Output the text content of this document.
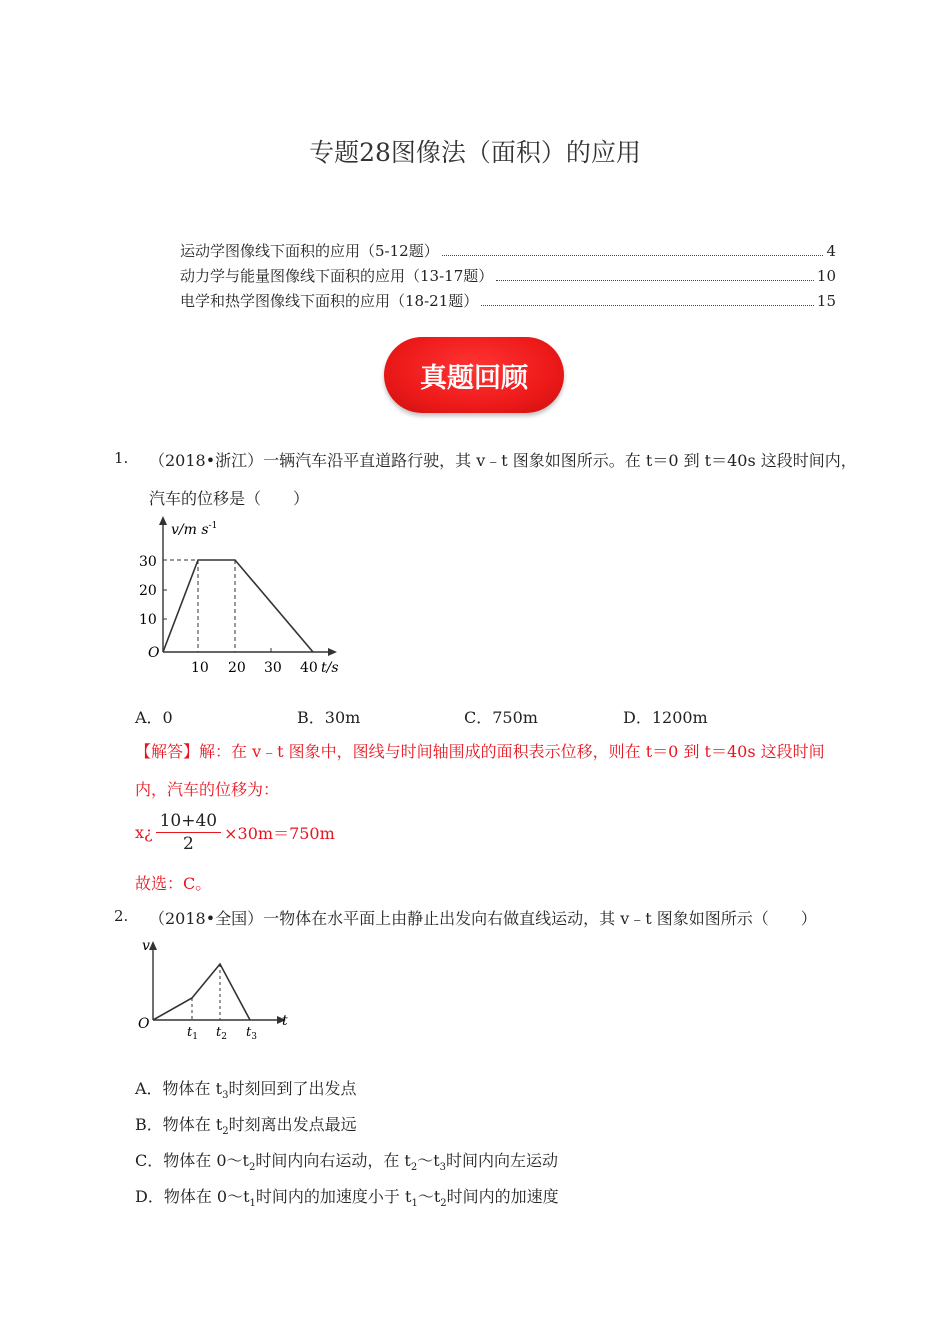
专题28图像法（面积）的应用
运动学图像线下面积的应用（5-12题）	4
动力学与能量图像线下面积的应用（13-17题）	10
电学和热学图像线下面积的应用（18-21题）	15
真题回顾
1. （2018•浙江）一辆汽车沿平直道路行驶，其 v﹣t 图象如图所示。在 t＝0 到 t＝40s 这段时间内，
汽车的位移是（　　）
v/m $s^{-1}$
30
20
10
O
10 20 30 40 t/s
A．0	B．30m	C．750m	D．1200m
【解答】解：在 v﹣t 图象中，图线与时间轴围成的面积表示位移，则在 t＝0 到 t＝40s 这段时间
内，汽车的位移为：
x¿ $\frac{10+40}{2} \times 30m=750m$
故选：C。
2. （2018•全国）一物体在水平面上由静止出发向右做直线运动，其 v﹣t 图象如图所示（　　）
v
O	t
$t_1$ $t_2$ $t_3$
A．物体在 $t_3$时刻回到了出发点
B．物体在 $t_2$时刻离出发点最远
C．物体在 $0\sim t_2$时间内向右运动，在 $t_2\sim t_3$时间内向左运动
D．物体在 $0\sim t_1$时间内的加速度小于 $t_1\sim t_2$时间内的加速度
